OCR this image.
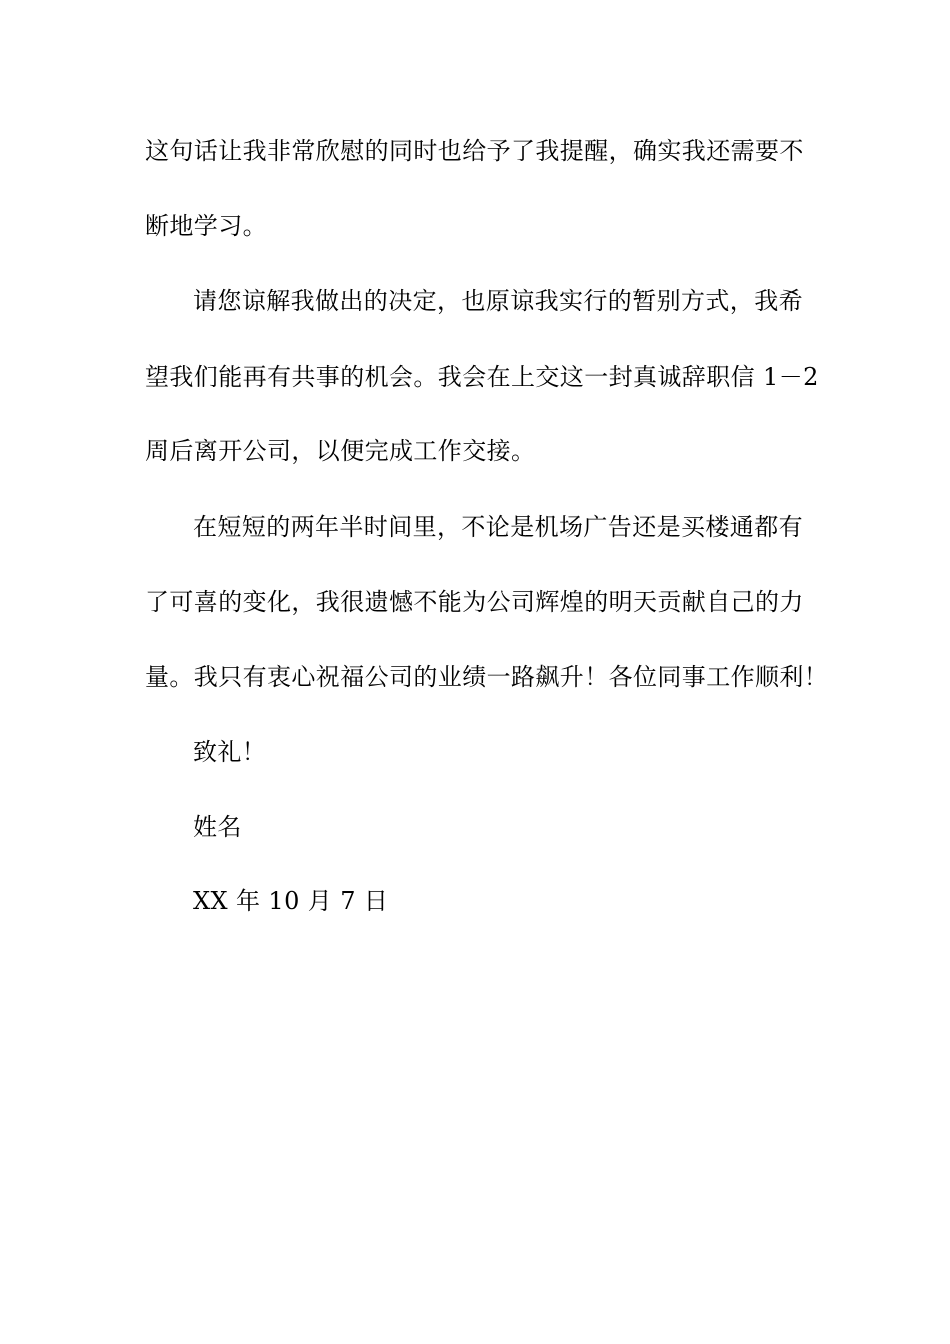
这句话让我非常欣慰的同时也给予了我提醒，确实我还需要不
断地学习。
请您谅解我做出的决定，也原谅我实行的暂别方式，我希
望我们能再有共事的机会。我会在上交这一封真诚辞职信 1－2
周后离开公司，以便完成工作交接。
在短短的两年半时间里，不论是机场广告还是买楼通都有
了可喜的变化，我很遗憾不能为公司辉煌的明天贡献自己的力
量。我只有衷心祝福公司的业绩一路飙升！各位同事工作顺利！
致礼！
姓名
XX 年 10 月 7 日
